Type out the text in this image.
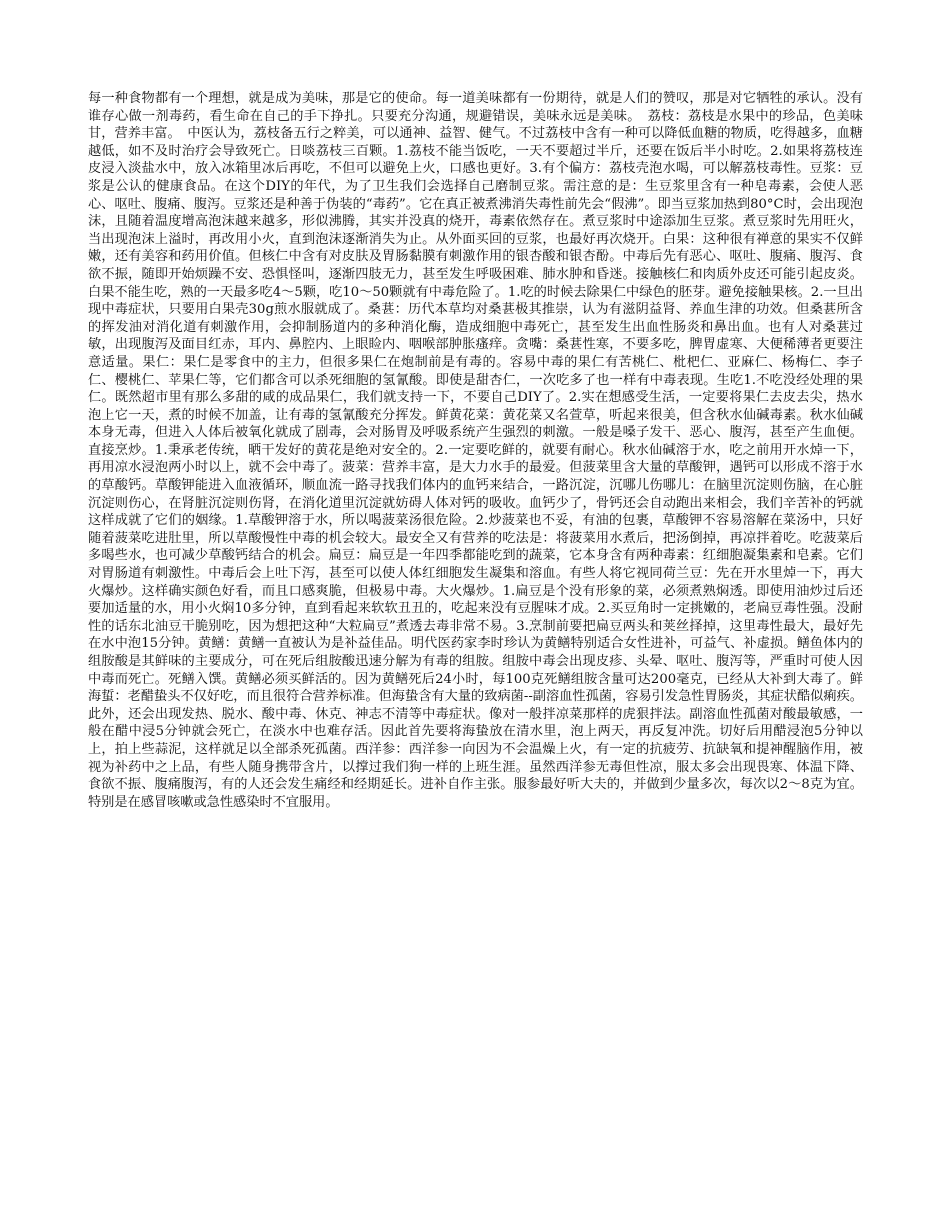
每一种食物都有一个理想，就是成为美味，那是它的使命。每一道美味都有一份期待，就是人们的赞叹，那是对它牺牲的承认。没有谁存心做一剂毒药，看生命在自己的手下挣扎。只要充分沟通，规避错误，美味永远是美味。　荔枝：荔枝是水果中的珍品，色美味甘，营养丰富。　中医认为，荔枝备五行之粹美，可以通神、益智、健气。不过荔枝中含有一种可以降低血糖的物质，吃得越多，血糖越低，如不及时治疗会导致死亡。日啖荔枝三百颗。1.荔枝不能当饭吃，一天不要超过半斤，还要在饭后半小时吃。2.如果将荔枝连皮浸入淡盐水中，放入冰箱里冰后再吃，不但可以避免上火，口感也更好。3.有个偏方：荔枝壳泡水喝，可以解荔枝毒性。豆浆：豆浆是公认的健康食品。在这个DIY的年代，为了卫生我们会选择自己磨制豆浆。需注意的是：生豆浆里含有一种皂毒素，会使人恶心、呕吐、腹痛、腹泻。豆浆还是种善于伪装的“毒药”。它在真正被煮沸消失毒性前先会“假沸”。即当豆浆加热到80°C时，会出现泡沫，且随着温度增高泡沫越来越多，形似沸腾，其实并没真的烧开，毒素依然存在。煮豆浆时中途添加生豆浆。煮豆浆时先用旺火，当出现泡沫上溢时，再改用小火，直到泡沫逐渐消失为止。从外面买回的豆浆，也最好再次烧开。白果：这种很有禅意的果实不仅鲜嫩，还有美容和药用价值。但核仁中含有对皮肤及胃肠黏膜有刺激作用的银杏酸和银杏酚。中毒后先有恶心、呕吐、腹痛、腹泻、食欲不振，随即开始烦躁不安、恐惧怪叫，逐渐四肢无力，甚至发生呼吸困难、肺水肿和昏迷。接触核仁和肉质外皮还可能引起皮炎。白果不能生吃，熟的一天最多吃4～5颗，吃10～50颗就有中毒危险了。1.吃的时候去除果仁中绿色的胚芽。避免接触果核。2.一旦出现中毒症状，只要用白果壳30g煎水服就成了。桑葚：历代本草均对桑葚极其推崇，认为有滋阴益肾、养血生津的功效。但桑葚所含的挥发油对消化道有刺激作用，会抑制肠道内的多种消化酶，造成细胞中毒死亡，甚至发生出血性肠炎和鼻出血。也有人对桑葚过敏，出现腹泻及面目红赤，耳内、鼻腔内、上眼睑内、咽喉部肿胀瘙痒。贪嘴：桑葚性寒，不要多吃，脾胃虚寒、大便稀薄者更要注意适量。果仁：果仁是零食中的主力，但很多果仁在炮制前是有毒的。容易中毒的果仁有苦桃仁、枇杷仁、亚麻仁、杨梅仁、李子仁、樱桃仁、苹果仁等，它们都含可以杀死细胞的氢氰酸。即使是甜杏仁，一次吃多了也一样有中毒表现。生吃1.不吃没经处理的果仁。既然超市里有那么多甜的咸的成品果仁，我们就支持一下，不要自己DIY了。2.实在想感受生活，一定要将果仁去皮去尖，热水泡上它一天，煮的时候不加盖，让有毒的氢氰酸充分挥发。鲜黄花菜：黄花菜又名萱草，听起来很美，但含秋水仙碱毒素。秋水仙碱本身无毒，但进入人体后被氧化就成了剧毒，会对肠胃及呼吸系统产生强烈的刺激。一般是嗓子发干、恶心、腹泻，甚至产生血便。直接烹炒。1.秉承老传统，晒干发好的黄花是绝对安全的。2.一定要吃鲜的，就要有耐心。秋水仙碱溶于水，吃之前用开水焯一下，再用凉水浸泡两小时以上，就不会中毒了。菠菜：营养丰富，是大力水手的最爱。但菠菜里含大量的草酸钾，遇钙可以形成不溶于水的草酸钙。草酸钾能进入血液循环，顺血流一路寻找我们体内的血钙来结合，一路沉淀，沉哪儿伤哪儿：在脑里沉淀则伤脑，在心脏沉淀则伤心，在肾脏沉淀则伤肾，在消化道里沉淀就妨碍人体对钙的吸收。血钙少了，骨钙还会自动跑出来相会，我们辛苦补的钙就这样成就了它们的姻缘。1.草酸钾溶于水，所以喝菠菜汤很危险。2.炒菠菜也不妥，有油的包裹，草酸钾不容易溶解在菜汤中，只好随着菠菜吃进肚里，所以草酸慢性中毒的机会较大。最安全又有营养的吃法是：将菠菜用水煮后，把汤倒掉，再凉拌着吃。吃菠菜后多喝些水，也可减少草酸钙结合的机会。扁豆：扁豆是一年四季都能吃到的蔬菜，它本身含有两种毒素：红细胞凝集素和皂素。它们对胃肠道有刺激性。中毒后会上吐下泻，甚至可以使人体红细胞发生凝集和溶血。有些人将它视同荷兰豆：先在开水里焯一下，再大火爆炒。这样确实颜色好看，而且口感爽脆，但极易中毒。大火爆炒。1.扁豆是个没有形象的菜，必须煮熟焖透。即使用油炒过后还要加适量的水，用小火焖10多分钟，直到看起来软软丑丑的，吃起来没有豆腥味才成。2.买豆角时一定挑嫩的，老扁豆毒性强。没耐性的话东北油豆干脆别吃，因为想把这种“大粒扁豆”煮透去毒非常不易。3.烹制前要把扁豆两头和荚丝择掉，这里毒性最大，最好先在水中泡15分钟。黄鳝：黄鳝一直被认为是补益佳品。明代医药家李时珍认为黄鳝特别适合女性进补，可益气、补虚损。鳝鱼体内的组胺酸是其鲜味的主要成分，可在死后组胺酸迅速分解为有毒的组胺。组胺中毒会出现皮疹、头晕、呕吐、腹泻等，严重时可使人因中毒而死亡。死鳝入馔。黄鳝必须买鲜活的。因为黄鳝死后24小时，每100克死鳝组胺含量可达200毫克，已经从大补到大毒了。鲜海蜇：老醋蛰头不仅好吃，而且很符合营养标准。但海蛰含有大量的致病菌--副溶血性孤菌，容易引发急性胃肠炎，其症状酷似痢疾。此外，还会出现发热、脱水、酸中毒、休克、神志不清等中毒症状。像对一般拌凉菜那样的虎狠拌法。副溶血性孤菌对酸最敏感，一般在醋中浸5分钟就会死亡，在淡水中也难存活。因此首先要将海蛰放在清水里，泡上两天，再反复冲洗。切好后用醋浸泡5分钟以上，拍上些蒜泥，这样就足以全部杀死孤菌。西洋参：西洋参一向因为不会温燥上火，有一定的抗疲劳、抗缺氧和提神醒脑作用，被视为补药中之上品，有些人随身携带含片，以撑过我们狗一样的上班生涯。虽然西洋参无毒但性凉，服太多会出现畏寒、体温下降、食欲不振、腹痛腹泻，有的人还会发生痛经和经期延长。进补自作主张。服参最好听大夫的，并做到少量多次，每次以2～8克为宜。特别是在感冒咳嗽或急性感染时不宜服用。
